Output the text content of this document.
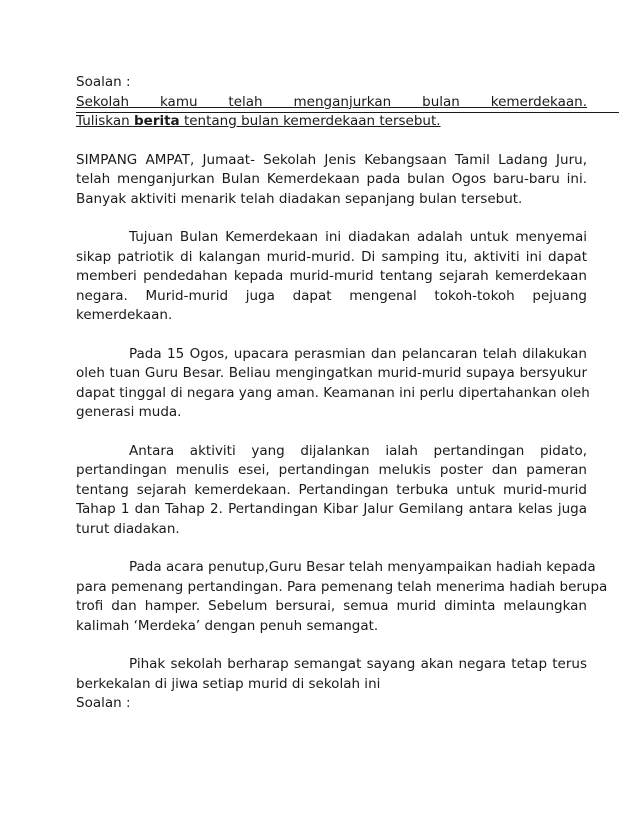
Soalan :
Sekolah kamu telah menganjurkan bulan kemerdekaan.
Tuliskan berita tentang bulan kemerdekaan tersebut.
SIMPANG AMPAT, Jumaat- Sekolah Jenis Kebangsaan Tamil Ladang Juru,
telah menganjurkan Bulan Kemerdekaan pada bulan Ogos baru-baru ini.
Banyak aktiviti menarik telah diadakan sepanjang bulan tersebut.
Tujuan Bulan Kemerdekaan ini diadakan adalah untuk menyemai
sikap patriotik di kalangan murid-murid. Di samping itu, aktiviti ini dapat
memberi pendedahan kepada murid-murid tentang sejarah kemerdekaan
negara. Murid-murid juga dapat mengenal tokoh-tokoh pejuang
kemerdekaan.
Pada 15 Ogos, upacara perasmian dan pelancaran telah dilakukan
oleh tuan Guru Besar. Beliau mengingatkan murid-murid supaya bersyukur
dapat tinggal di negara yang aman. Keamanan ini perlu dipertahankan oleh
generasi muda.
Antara aktiviti yang dijalankan ialah pertandingan pidato,
pertandingan menulis esei, pertandingan melukis poster dan pameran
tentang sejarah kemerdekaan. Pertandingan terbuka untuk murid-murid
Tahap 1 dan Tahap 2. Pertandingan Kibar Jalur Gemilang antara kelas juga
turut diadakan.
Pada acara penutup,Guru Besar telah menyampaikan hadiah kepada
para pemenang pertandingan. Para pemenang telah menerima hadiah berupa
trofi dan hamper. Sebelum bersurai, semua murid diminta melaungkan
kalimah ‘Merdeka’ dengan penuh semangat.
Pihak sekolah berharap semangat sayang akan negara tetap terus
berkekalan di jiwa setiap murid di sekolah ini
Soalan :
